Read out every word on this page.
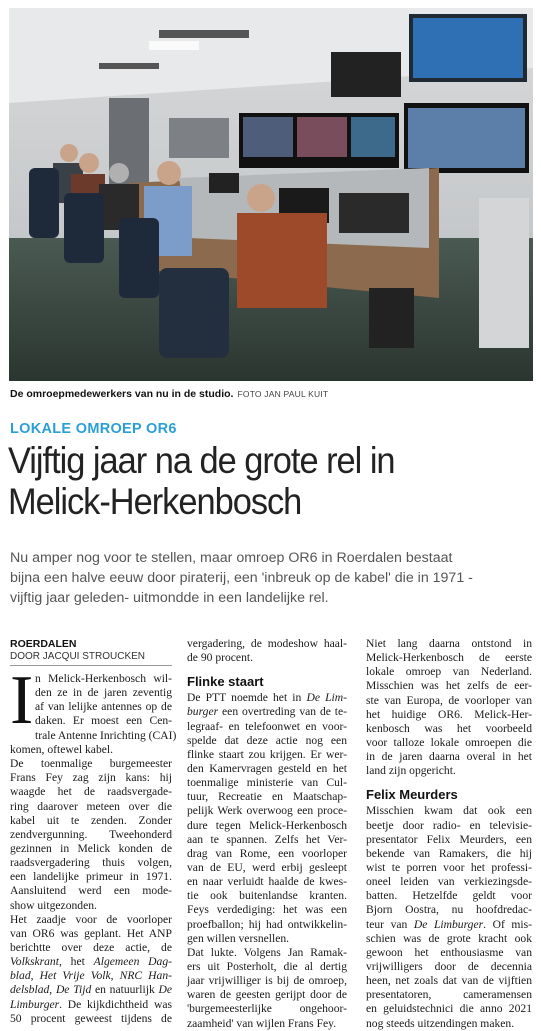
De omroepmedewerkers van nu in de studio. FOTO JAN PAUL KUIT
LOKALE OMROEP OR6
Vijftig jaar na de grote rel in
Melick-Herkenbosch
Nu amper nog voor te stellen, maar omroep OR6 in Roerdalen bestaat
bijna een halve eeuw door piraterij, een 'inbreuk op de kabel' die in 1971 -
vijftig jaar geleden- uitmondde in een landelijke rel.
ROERDALEN
DOOR JACQUI STROUCKEN
I n Melick-Herkenbosch wil-
den ze in de jaren zeventig
af van lelijke antennes op de
daken. Er moest een Cen-
trale Antenne Inrichting (CAI)
komen, oftewel kabel.
De toenmalige burgemeester
Frans Fey zag zijn kans: hij
waagde het de raadsvergade-
ring daarover meteen over die
kabel uit te zenden. Zonder
zendvergunning. Tweehonderd
gezinnen in Melick konden de
raadsvergadering thuis volgen,
een landelijke primeur in 1971.
Aansluitend werd een mode-
show uitgezonden.
Het zaadje voor de voorloper
van OR6 was geplant. Het ANP
berichtte over deze actie, de
Volkskrant, het Algemeen Dag-
blad, Het Vrije Volk, NRC Han-
delsblad, De Tijd en natuurlijk De
Limburger. De kijkdichtheid was
50 procent geweest tijdens de
vergadering, de modeshow haal-
de 90 procent.
Flinke staart
De PTT noemde het in De Lim-
burger een overtreding van de te-
legraaf- en telefoonwet en voor-
spelde dat deze actie nog een
flinke staart zou krijgen. Er wer-
den Kamervragen gesteld en het
toenmalige ministerie van Cul-
tuur, Recreatie en Maatschap-
pelijk Werk overwoog een proce-
dure tegen Melick-Herkenbosch
aan te spannen. Zelfs het Ver-
drag van Rome, een voorloper
van de EU, werd erbij gesleept
en naar verluidt haalde de kwes-
tie ook buitenlandse kranten.
Feys verdediging: het was een
proefballon; hij had ontwikkelin-
gen willen versnellen.
Dat lukte. Volgens Jan Ramak-
ers uit Posterholt, die al dertig
jaar vrijwilliger is bij de omroep,
waren de geesten gerijpt door de
'burgemeesterlijke ongehoor-
zaamheid' van wijlen Frans Fey.
Niet lang daarna ontstond in
Melick-Herkenbosch de eerste
lokale omroep van Nederland.
Misschien was het zelfs de eer-
ste van Europa, de voorloper van
het huidige OR6. Melick-Her-
kenbosch was het voorbeeld
voor talloze lokale omroepen die
in de jaren daarna overal in het
land zijn opgericht.
Felix Meurders
Misschien kwam dat ook een
beetje door radio- en televisie-
presentator Felix Meurders, een
bekende van Ramakers, die hij
wist te porren voor het professi-
oneel leiden van verkiezingsde-
batten. Hetzelfde geldt voor
Bjorn Oostra, nu hoofdredac-
teur van De Limburger. Of mis-
schien was de grote kracht ook
gewoon het enthousiasme van
vrijwilligers door de decennia
heen, net zoals dat van de vijftien
presentatoren, cameramensen
en geluidstechnici die anno 2021
nog steeds uitzendingen maken.
